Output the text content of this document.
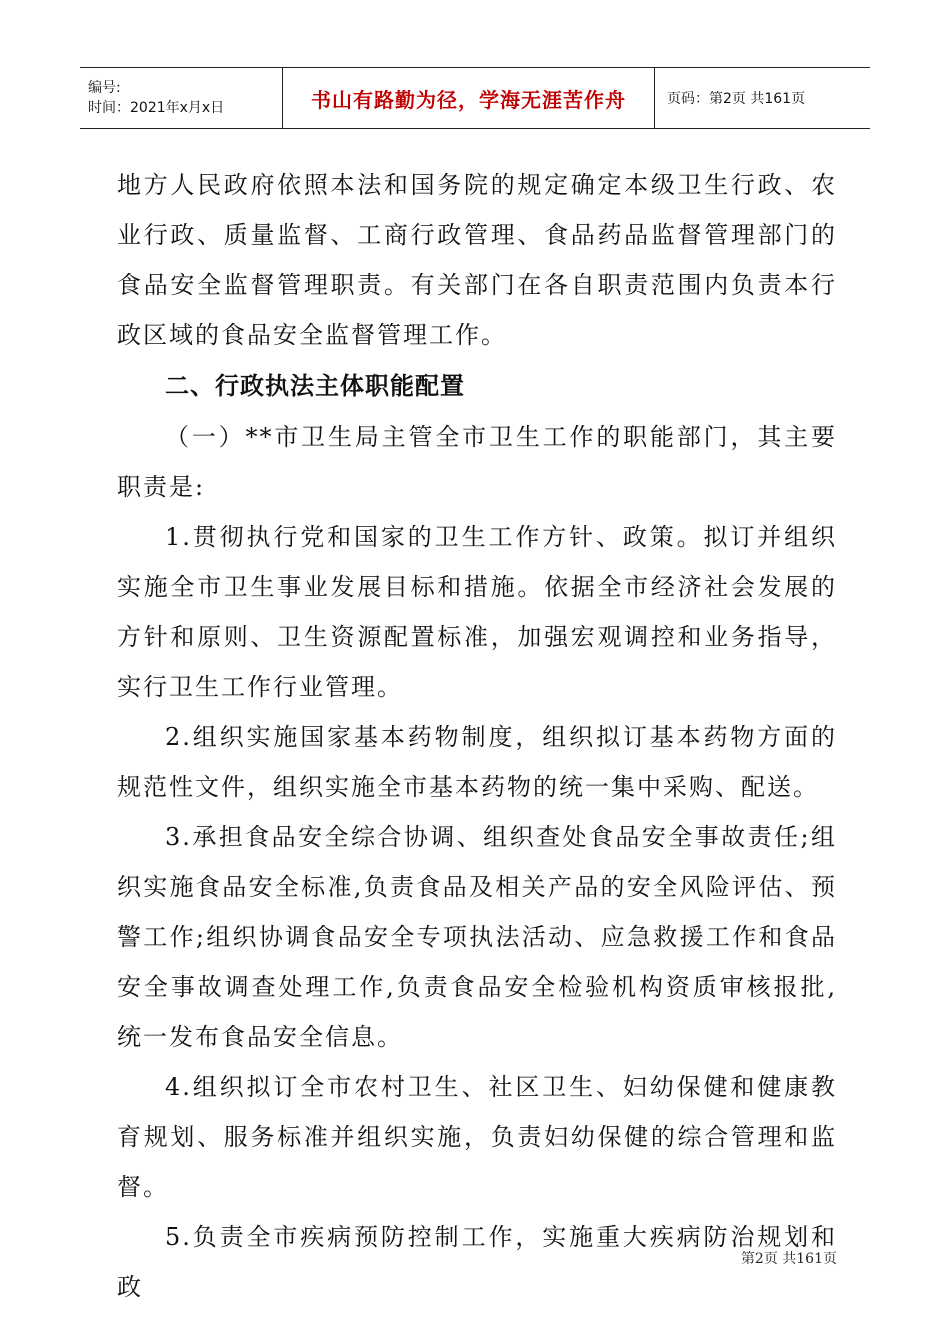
编号:
时间：2021年x月x日	书山有路勤为径，学海无涯苦作舟	页码：第2页 共161页

地方人民政府依照本法和国务院的规定确定本级卫生行政、农业行政、质量监督、工商行政管理、食品药品监督管理部门的食品安全监督管理职责。有关部门在各自职责范围内负责本行政区域的食品安全监督管理工作。

二、行政执法主体职能配置

（一）**市卫生局主管全市卫生工作的职能部门，其主要职责是:

1.贯彻执行党和国家的卫生工作方针、政策。拟订并组织实施全市卫生事业发展目标和措施。依据全市经济社会发展的方针和原则、卫生资源配置标准，加强宏观调控和业务指导，实行卫生工作行业管理。

2.组织实施国家基本药物制度，组织拟订基本药物方面的规范性文件，组织实施全市基本药物的统一集中采购、配送。

3.承担食品安全综合协调、组织查处食品安全事故责任;组织实施食品安全标准,负责食品及相关产品的安全风险评估、预警工作;组织协调食品安全专项执法活动、应急救援工作和食品安全事故调查处理工作,负责食品安全检验机构资质审核报批,统一发布食品安全信息。

4.组织拟订全市农村卫生、社区卫生、妇幼保健和健康教育规划、服务标准并组织实施，负责妇幼保健的综合管理和监督。

5.负责全市疾病预防控制工作，实施重大疾病防治规划和政

第2页 共161页
